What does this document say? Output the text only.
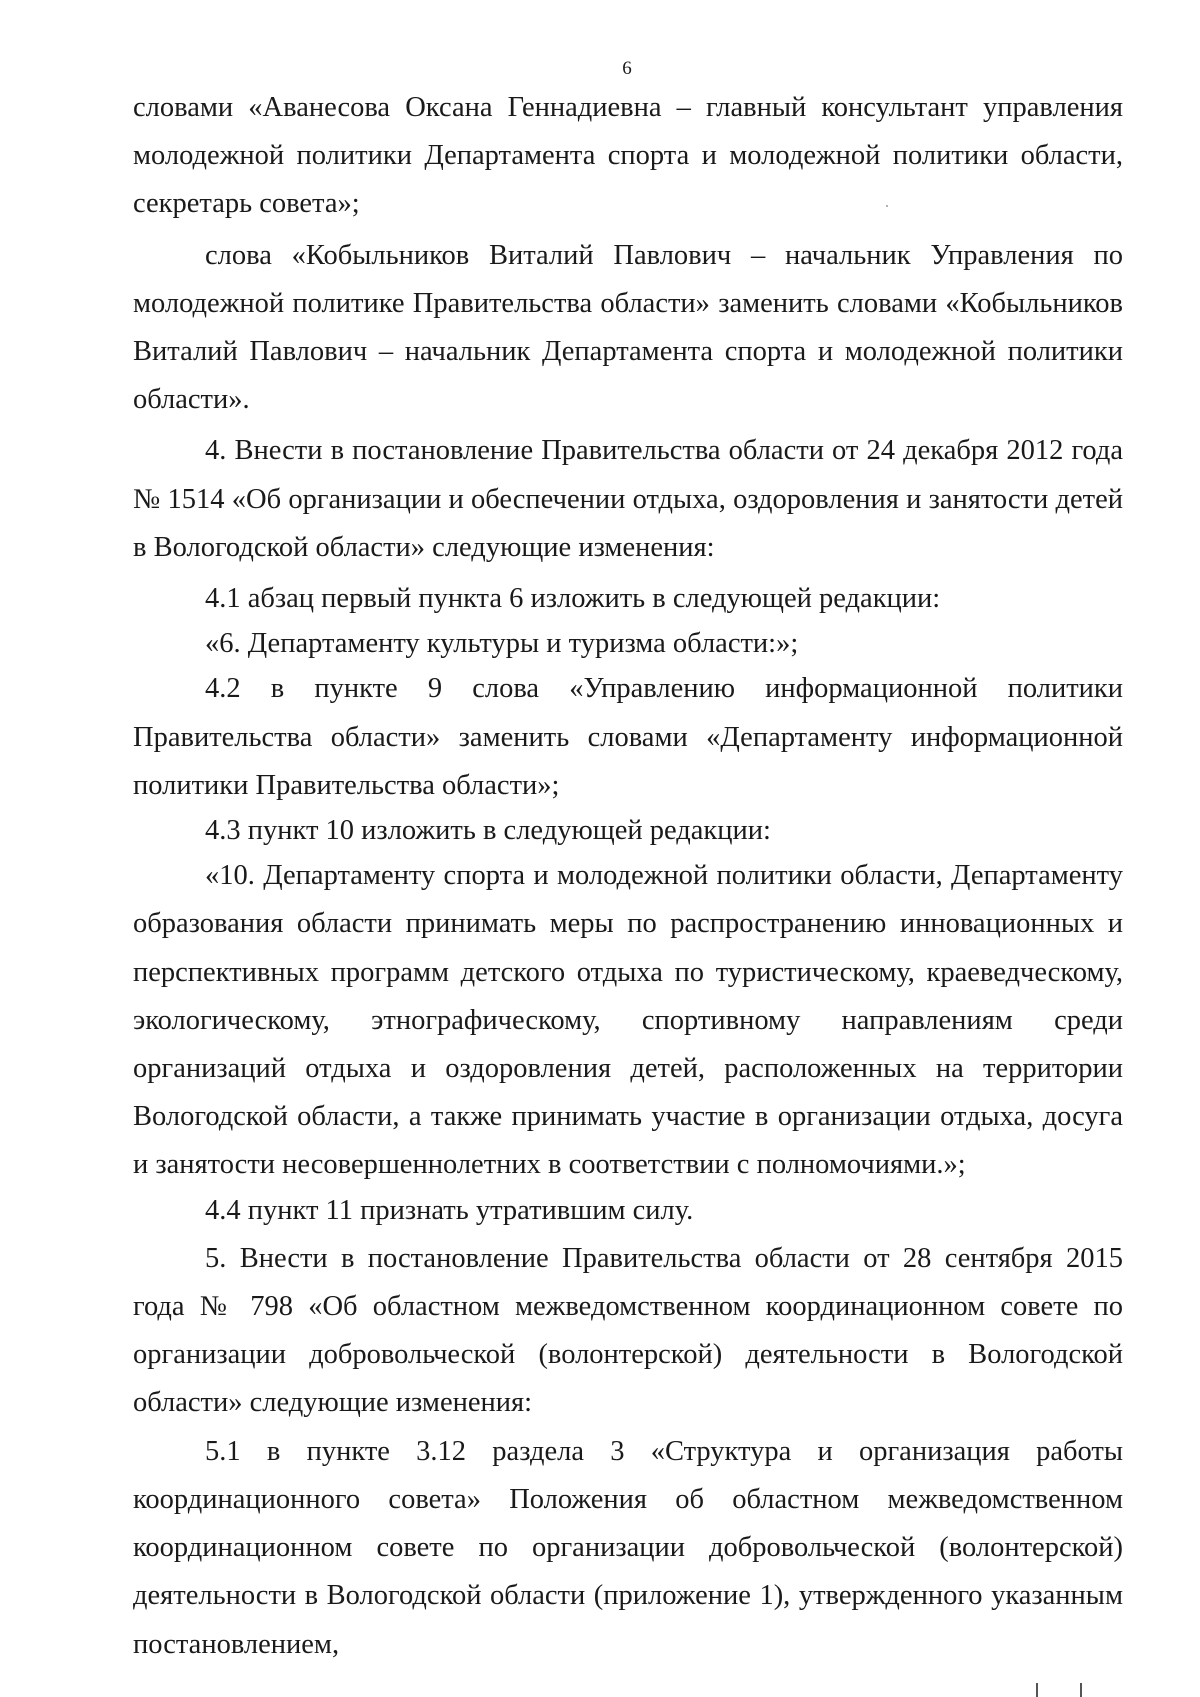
6

словами «Аванесова Оксана Геннадиевна – главный консультант управления молодежной политики Департамента спорта и молодежной политики области, секретарь совета»;

слова «Кобыльников Виталий Павлович – начальник Управления по молодежной политике Правительства области» заменить словами «Кобыльников Виталий Павлович – начальник Департамента спорта и молодежной политики области».

4. Внести в постановление Правительства области от 24 декабря 2012 года № 1514 «Об организации и обеспечении отдыха, оздоровления и занятости детей в Вологодской области» следующие изменения:

4.1 абзац первый пункта 6 изложить в следующей редакции:

«6. Департаменту культуры и туризма области:»;

4.2 в пункте 9 слова «Управлению информационной политики Правительства области» заменить словами «Департаменту информационной политики Правительства области»;

4.3 пункт 10 изложить в следующей редакции:

«10. Департаменту спорта и молодежной политики области, Департаменту образования области принимать меры по распространению инновационных и перспективных программ детского отдыха по туристическому, краеведческому, экологическому, этнографическому, спортивному направлениям среди организаций отдыха и оздоровления детей, расположенных на территории Вологодской области, а также принимать участие в организации отдыха, досуга и занятости несовершеннолетних в соответствии с полномочиями.»;

4.4 пункт 11 признать утратившим силу.

5. Внести в постановление Правительства области от 28 сентября 2015 года № 798 «Об областном межведомственном координационном совете по организации добровольческой (волонтерской) деятельности в Вологодской области» следующие изменения:

5.1 в пункте 3.12 раздела 3 «Структура и организация работы координационного совета» Положения об областном межведомственном координационном совете по организации добровольческой (волонтерской) деятельности в Вологодской области (приложение 1), утвержденного указанным постановлением,
